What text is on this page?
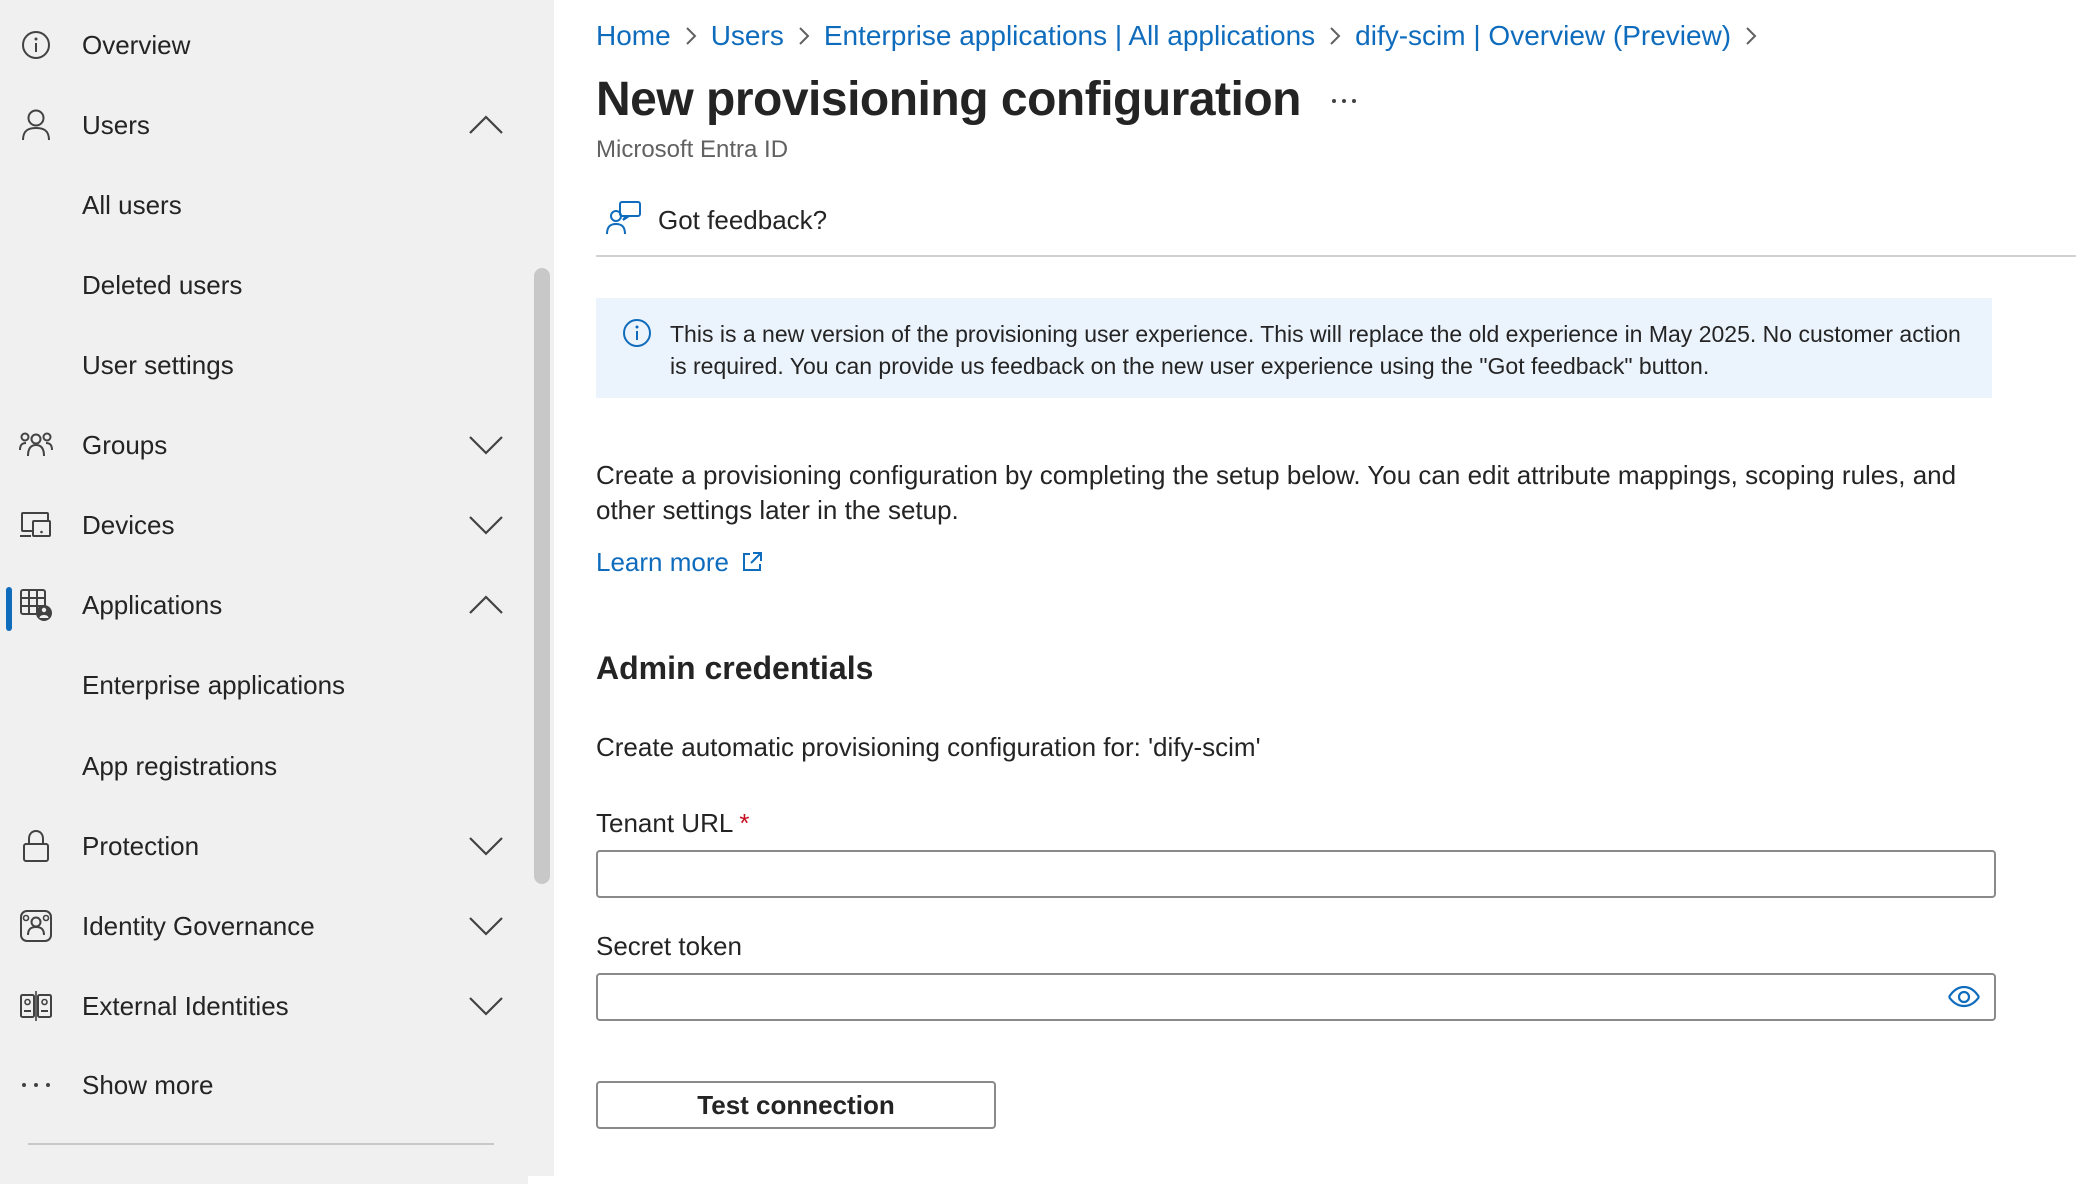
Overview
Users
All users
Deleted users
User settings
Groups
Devices
Applications
Enterprise applications
App registrations
Protection
Identity Governance
External Identities
Show more
Home Users Enterprise applications | All applications dify-scim | Overview (Preview)
New provisioning configuration
Microsoft Entra ID
Got feedback?
This is a new version of the provisioning user experience. This will replace the old experience in May 2025. No customer action is required. You can provide us feedback on the new user experience using the "Got feedback" button.

Create a provisioning configuration by completing the setup below. You can edit attribute mappings, scoping rules, and other settings later in the setup.

Learn more
Admin credentials
Create automatic provisioning configuration for: 'dify-scim'
Tenant URL *
Secret token
Test connection
